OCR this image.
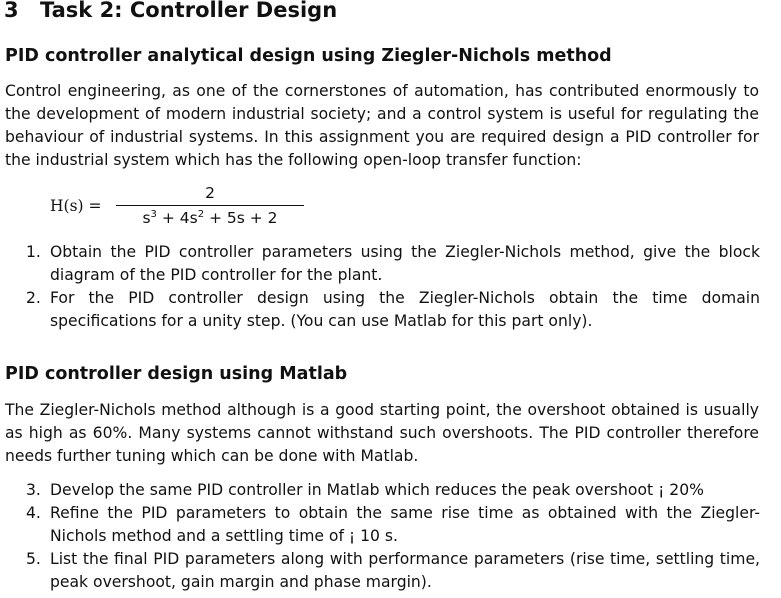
3 Task 2: Controller Design
PID controller analytical design using Ziegler-Nichols method

Control engineering, as one of the cornerstones of automation, has contributed enormously to the development of modern industrial society; and a control system is useful for regulating the behaviour of industrial systems. In this assignment you are required design a PID controller for the industrial system which has the following open-loop transfer function:

H(s) =
2
$s^3 + 4s^2 + 5s + 2$
1. Obtain the PID controller parameters using the Ziegler-Nichols method, give the block diagram of the PID controller for the plant.
2. For the PID controller design using the Ziegler-Nichols obtain the time domain specifications for a unity step. (You can use Matlab for this part only).
PID controller design using Matlab

The Ziegler-Nichols method although is a good starting point, the overshoot obtained is usually as high as 60%. Many systems cannot withstand such overshoots. The PID controller therefore needs further tuning which can be done with Matlab.

3. Develop the same PID controller in Matlab which reduces the peak overshoot ¡ 20%
4. Refine the PID parameters to obtain the same rise time as obtained with the Ziegler-Nichols method and a settling time of ¡ 10 s.
5. List the final PID parameters along with performance parameters (rise time, settling time, peak overshoot, gain margin and phase margin).
